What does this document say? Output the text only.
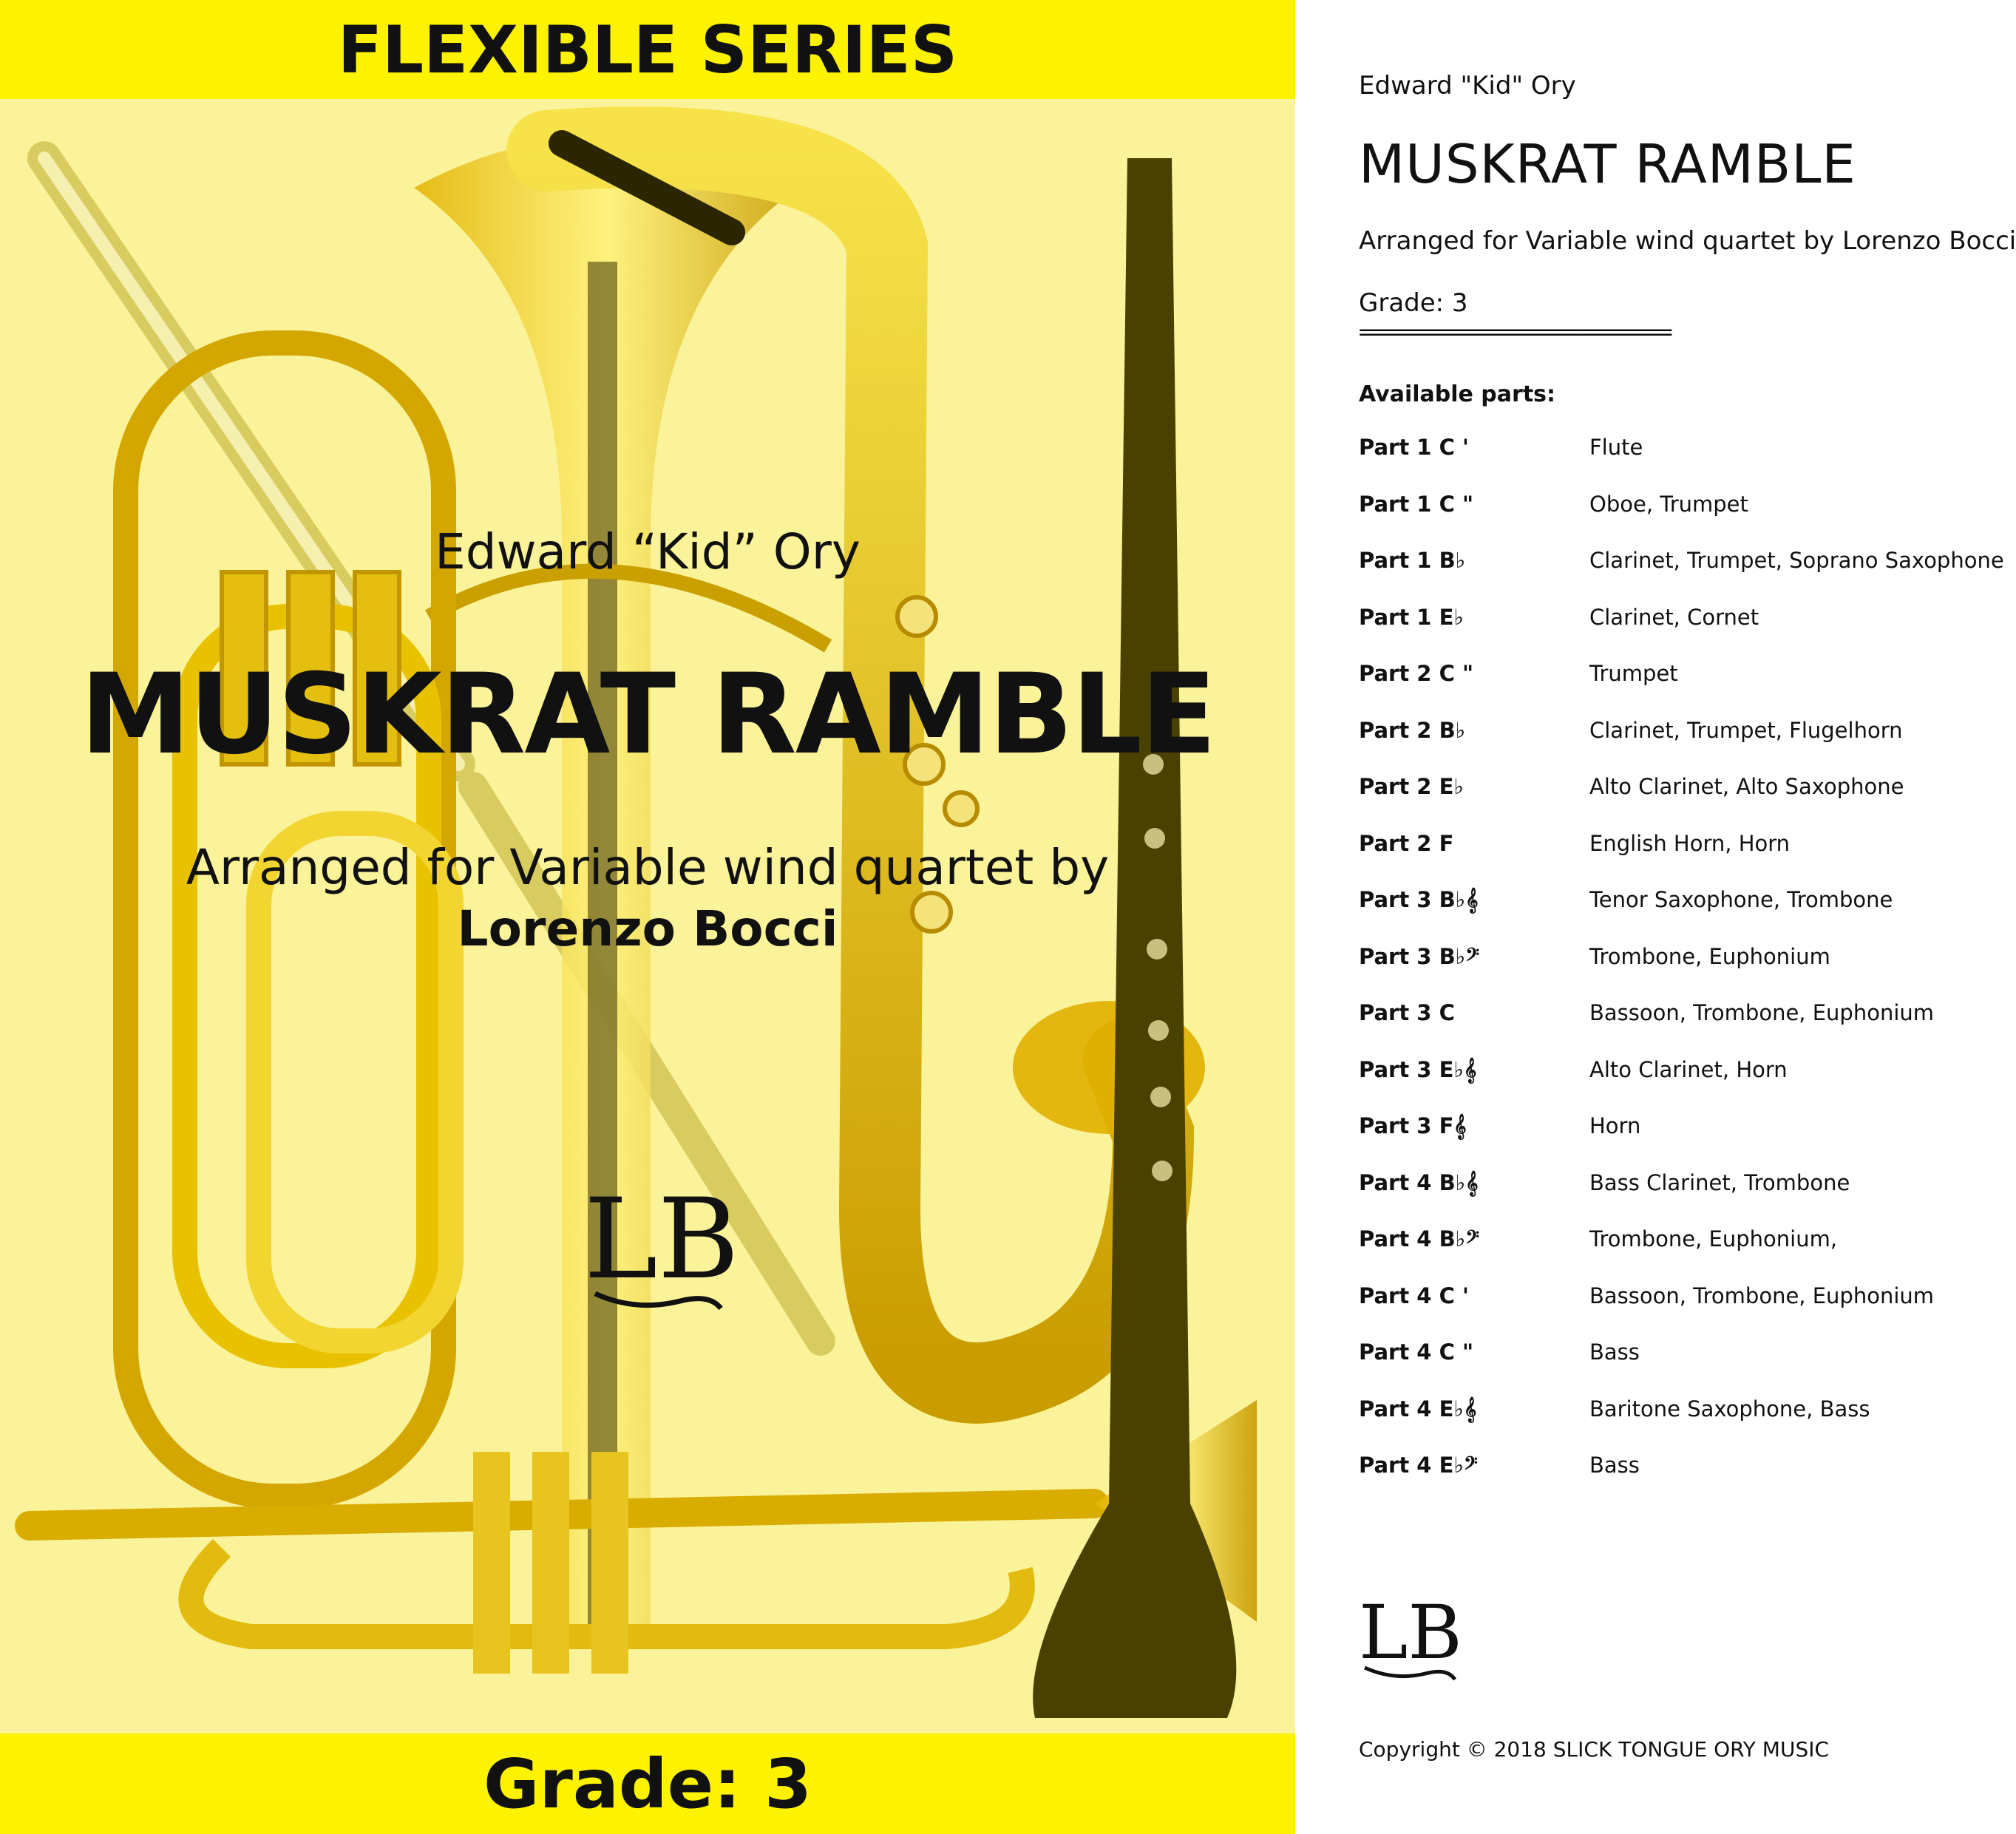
FLEXIBLE SERIES
Edward “Kid” Ory
MUSKRAT RAMBLE
Arranged for Variable wind quartet by
Lorenzo Bocci
LB
Grade: 3
Edward "Kid" Ory
MUSKRAT RAMBLE
Arranged for Variable wind quartet by Lorenzo Bocci
Grade: 3
============================
Available parts:
Part 1 C '	Flute
Part 1 C "	Oboe, Trumpet
Part 1 B♭	Clarinet, Trumpet, Soprano Saxophone
Part 1 E♭	Clarinet, Cornet
Part 2 C "	Trumpet
Part 2 B♭	Clarinet, Trumpet, Flugelhorn
Part 2 E♭	Alto Clarinet, Alto Saxophone
Part 2 F	English Horn, Horn
Part 3 B♭𝄞	Tenor Saxophone, Trombone
Part 3 B♭𝄢	Trombone, Euphonium
Part 3 C	Bassoon, Trombone, Euphonium
Part 3 E♭𝄞	Alto Clarinet, Horn
Part 3 F𝄞	Horn
Part 4 B♭𝄞	Bass Clarinet, Trombone
Part 4 B♭𝄢	Trombone, Euphonium,
Part 4 C '	Bassoon, Trombone, Euphonium
Part 4 C "	Bass
Part 4 E♭𝄞	Baritone Saxophone, Bass
Part 4 E♭𝄢	Bass
LB
Copyright © 2018 SLICK TONGUE ORY MUSIC
